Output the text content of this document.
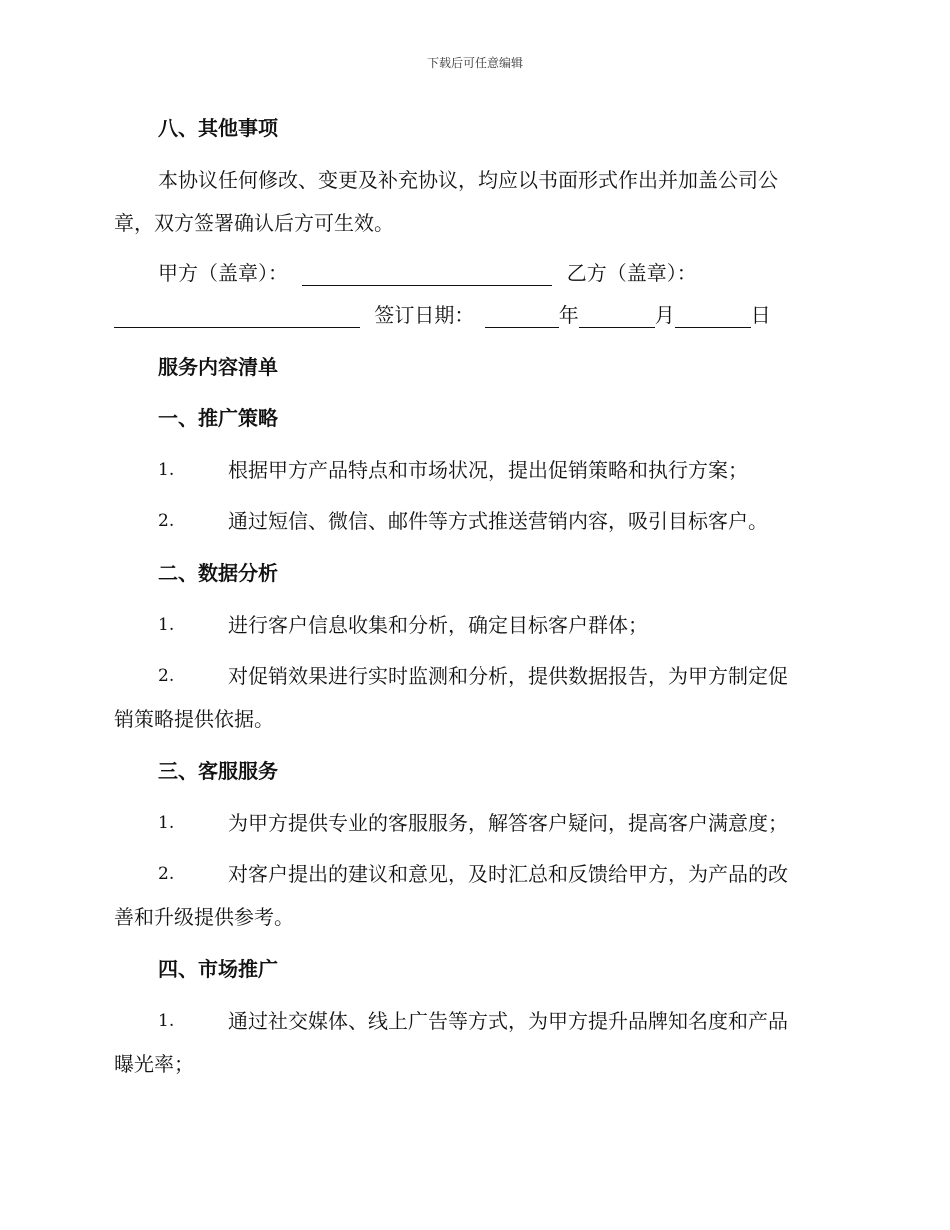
下载后可任意编辑
八、其他事项
本协议任何修改、变更及补充协议，均应以书面形式作出并加盖公司公
章，双方签署确认后方可生效。
甲方（盖章）：	乙方（盖章）：
签订日期：	年	月	日
服务内容清单
一、推广策略
1.	根据甲方产品特点和市场状况，提出促销策略和执行方案；
2.	通过短信、微信、邮件等方式推送营销内容，吸引目标客户。
二、数据分析
1.	进行客户信息收集和分析，确定目标客户群体；
2.	对促销效果进行实时监测和分析，提供数据报告，为甲方制定促
销策略提供依据。
三、客服服务
1.	为甲方提供专业的客服服务，解答客户疑问，提高客户满意度；
2.	对客户提出的建议和意见，及时汇总和反馈给甲方，为产品的改
善和升级提供参考。
四、市场推广
1.	通过社交媒体、线上广告等方式，为甲方提升品牌知名度和产品
曝光率；
